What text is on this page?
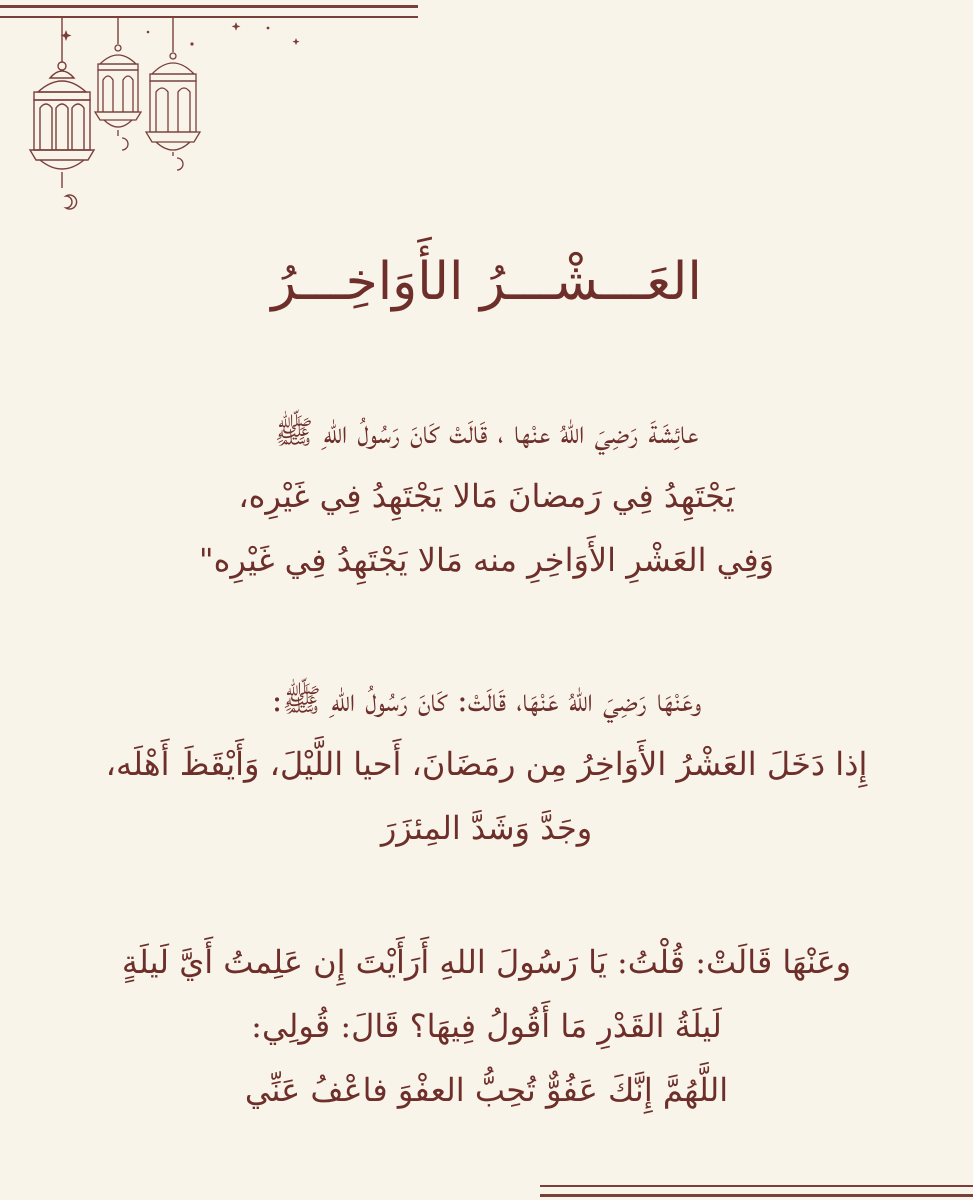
العَـــشْـــرُ الأَوَاخِـــرُ
عائِشَةَ رَضِيَ اللهُ عنْها ، قَالَتْ كَانَ رَسُولُ اللهِ ﷺ
يَجْتَهِدُ فِي رَمضانَ مَالا يَجْتَهِدُ فِي غَيْرِه،
وَفِي العَشْرِ الأَوَاخِرِ منه مَالا يَجْتَهِدُ فِي غَيْرِه"
وعَنْهَا رَضِيَ اللهُ عَنْهَا، قَالَتْ: كَانَ رَسُولُ اللهِ ﷺ:
إِذا دَخَلَ العَشْرُ الأَوَاخِرُ مِن رمَضَانَ، أَحيا اللَّيْلَ، وَأَيْقَظَ أَهْلَه،
وجَدَّ وَشَدَّ المِئزَرَ
وعَنْهَا قَالَتْ: قُلْتُ: يَا رَسُولَ اللهِ أَرَأَيْتَ إِن عَلِمتُ أَيَّ لَيلَةٍ
لَيلَةُ القَدْرِ مَا أَقُولُ فِيهَا؟ قَالَ: قُولِي:
اللَّهُمَّ إِنَّكَ عَفُوٌّ تُحِبُّ العفْوَ فاعْفُ عَنِّي
